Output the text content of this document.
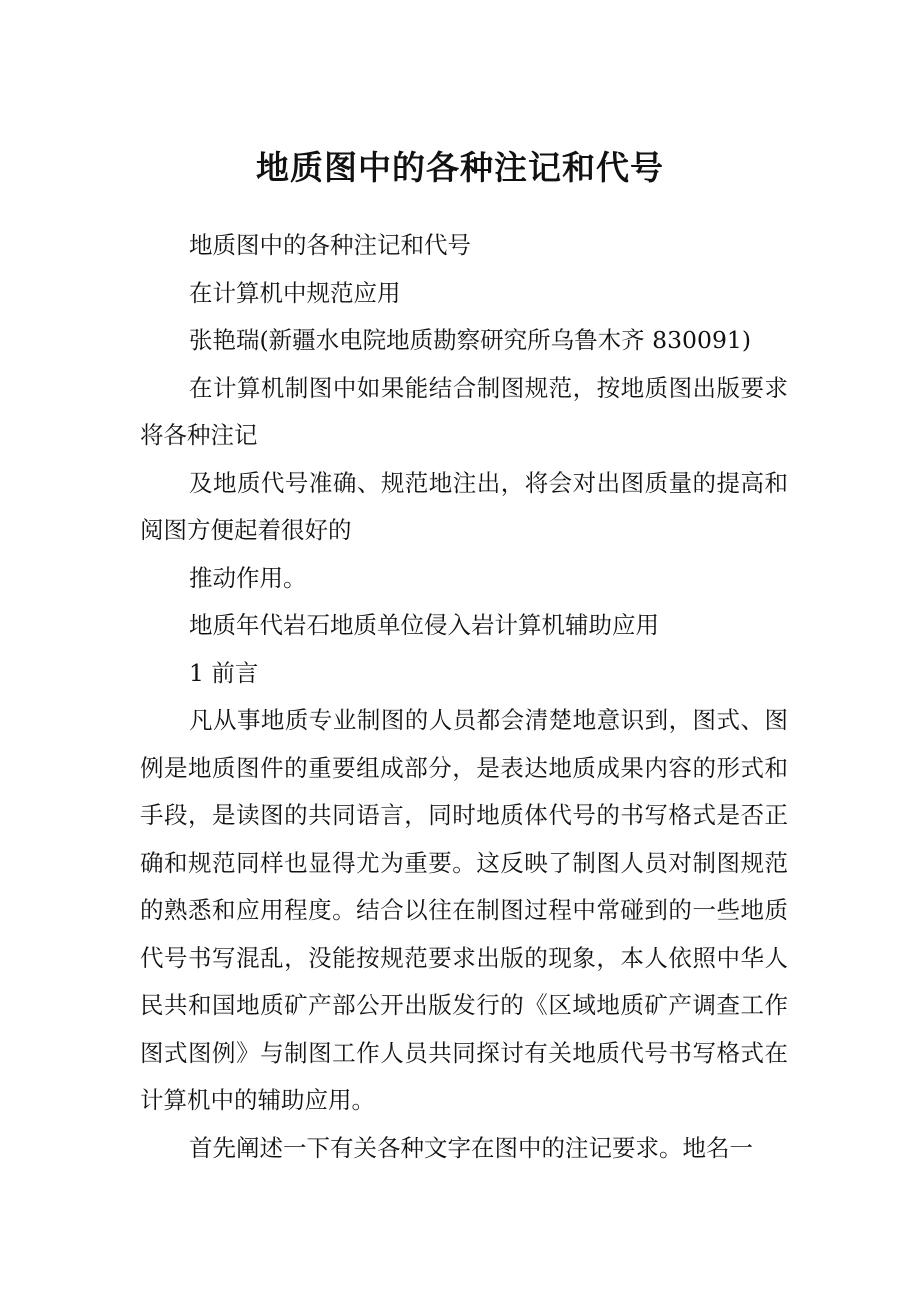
地质图中的各种注记和代号

地质图中的各种注记和代号

在计算机中规范应用

张艳瑞(新疆水电院地质勘察研究所乌鲁木齐 830091)

在计算机制图中如果能结合制图规范，按地质图出版要求将各种注记

及地质代号准确、规范地注出，将会对出图质量的提高和阅图方便起着很好的

推动作用。

地质年代岩石地质单位侵入岩计算机辅助应用

1 前言

凡从事地质专业制图的人员都会清楚地意识到，图式、图例是地质图件的重要组成部分，是表达地质成果内容的形式和手段，是读图的共同语言，同时地质体代号的书写格式是否正确和规范同样也显得尤为重要。这反映了制图人员对制图规范的熟悉和应用程度。结合以往在制图过程中常碰到的一些地质代号书写混乱，没能按规范要求出版的现象，本人依照中华人民共和国地质矿产部公开出版发行的《区域地质矿产调查工作图式图例》与制图工作人员共同探讨有关地质代号书写格式在计算机中的辅助应用。

首先阐述一下有关各种文字在图中的注记要求。地名一
